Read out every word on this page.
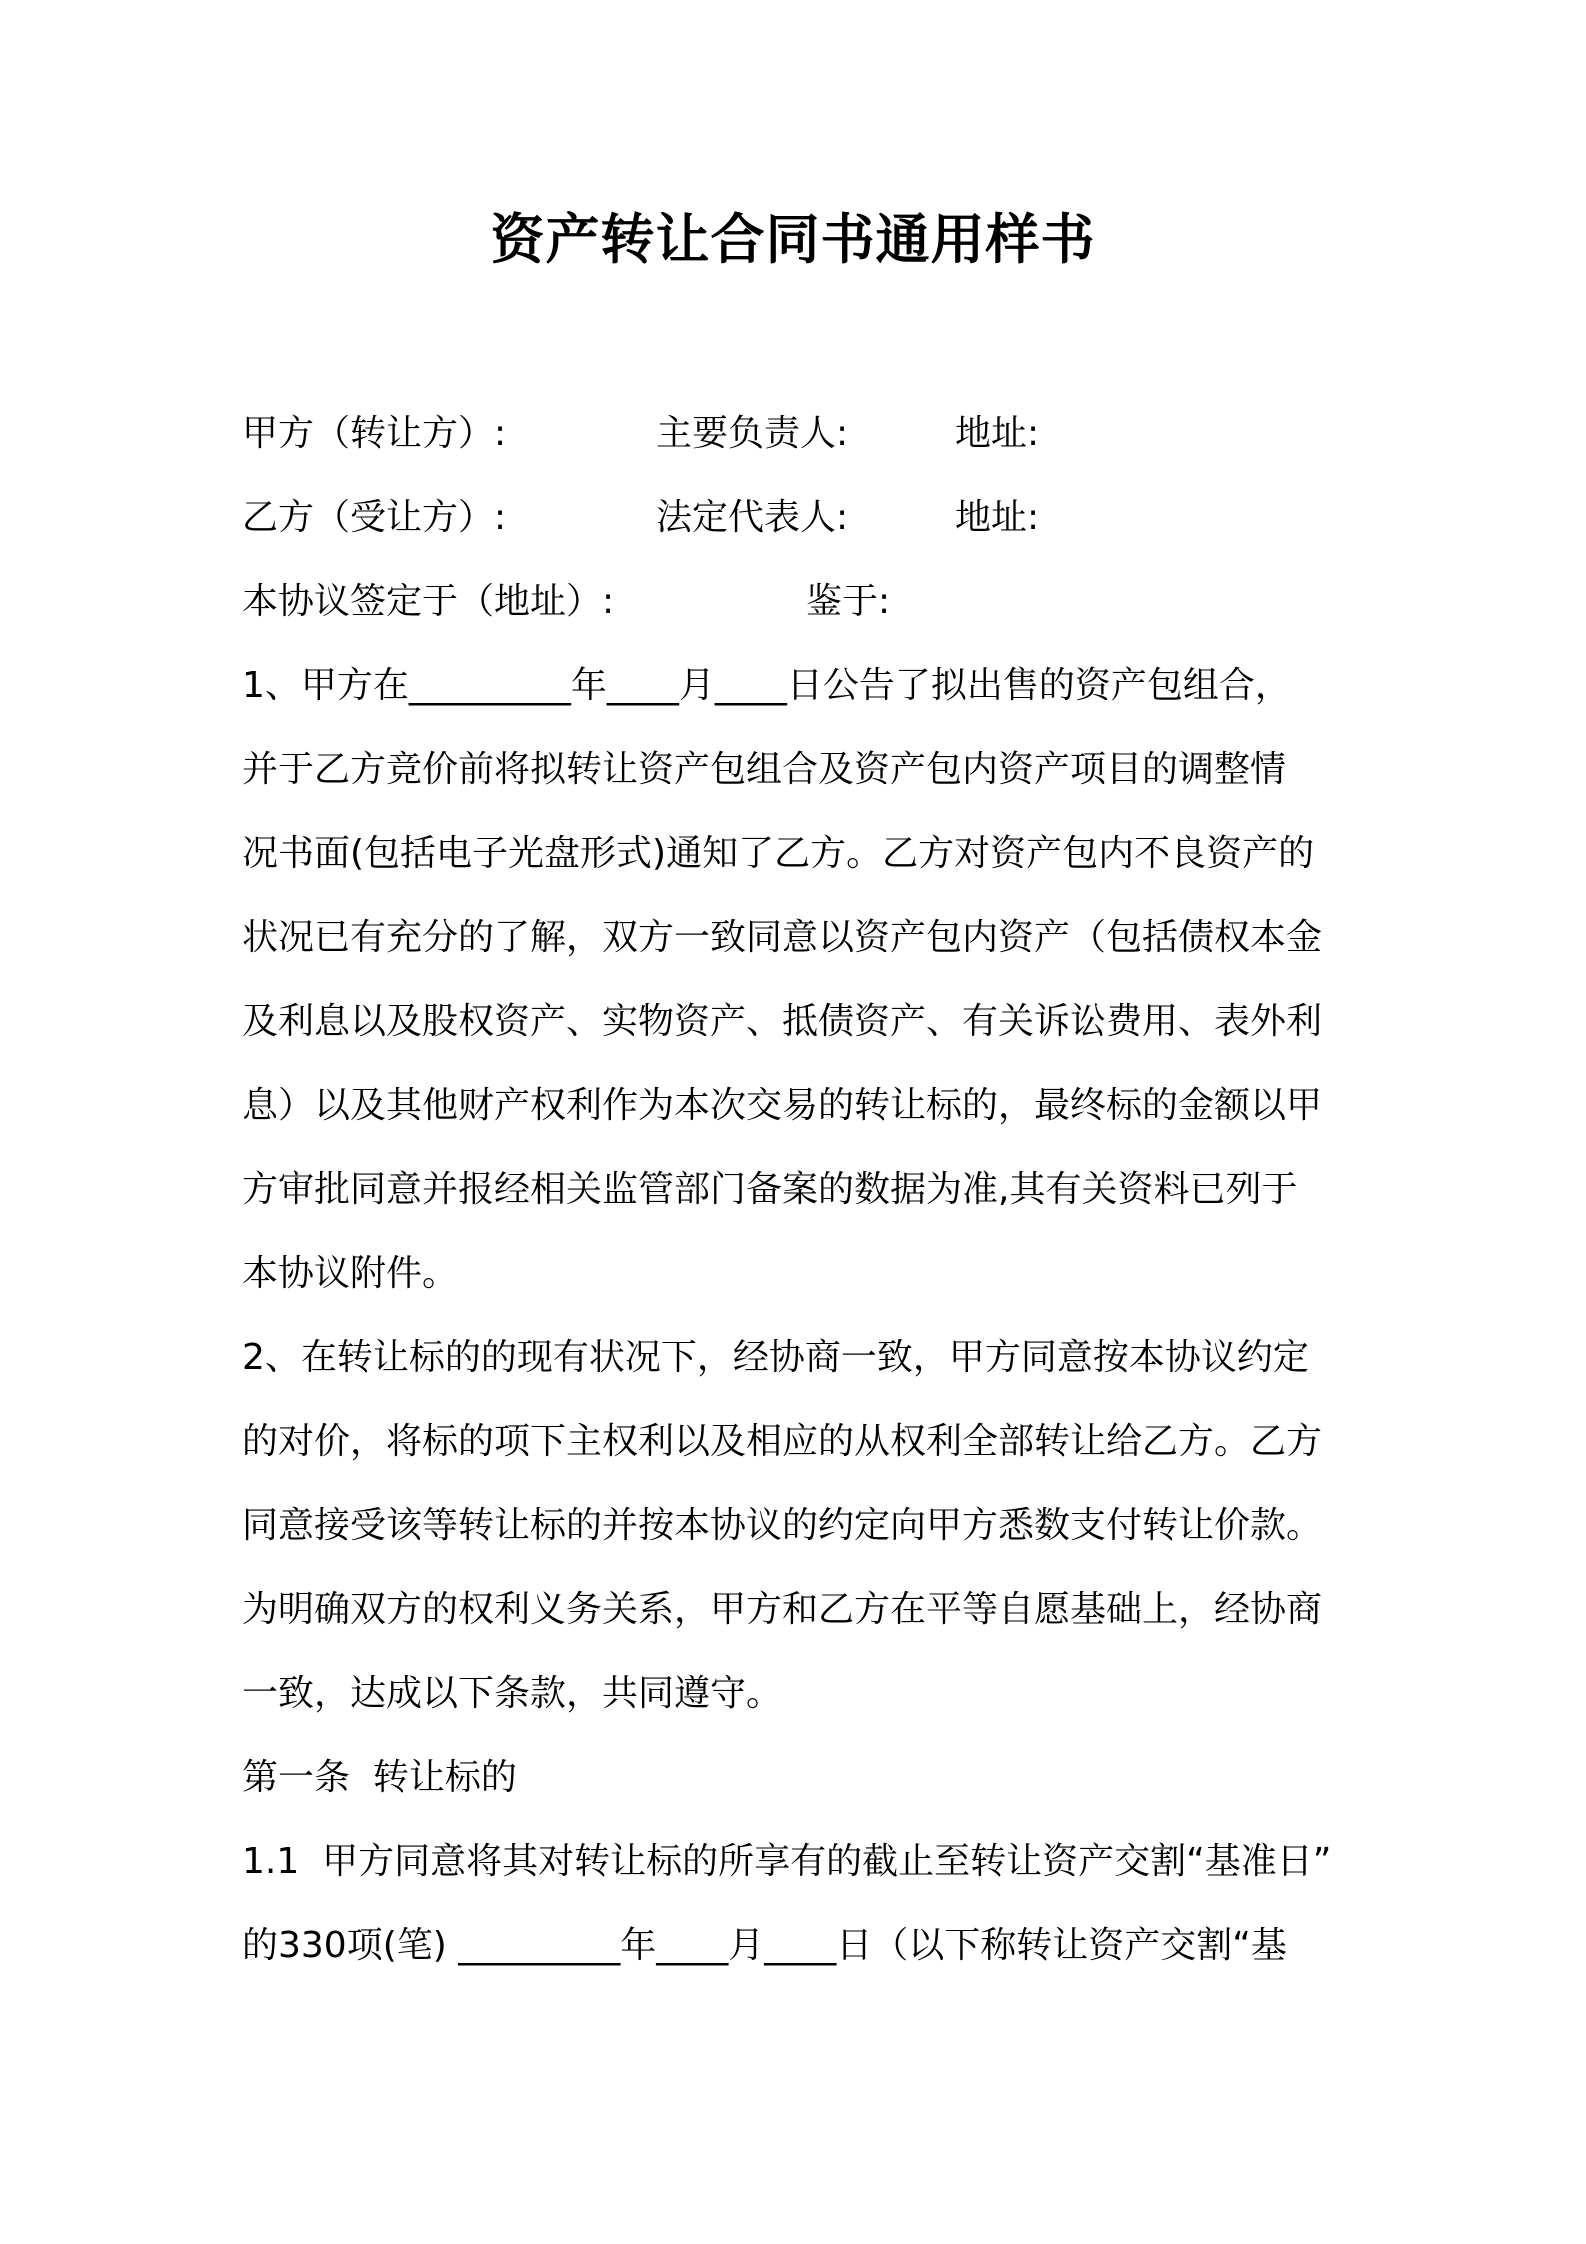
资产转让合同书通用样书
甲方（转让方）:	主要负责人:	地址:
乙方（受让方）:	法定代表人:	地址:
本协议签定于（地址）:	鉴于:
1、甲方在_________年____月____日公告了拟出售的资产包组合，
并于乙方竞价前将拟转让资产包组合及资产包内资产项目的调整情
况书面(包括电子光盘形式)通知了乙方。乙方对资产包内不良资产的
状况已有充分的了解，双方一致同意以资产包内资产（包括债权本金
及利息以及股权资产、实物资产、抵债资产、有关诉讼费用、表外利
息）以及其他财产权利作为本次交易的转让标的，最终标的金额以甲
方审批同意并报经相关监管部门备案的数据为准,其有关资料已列于
本协议附件。
2、在转让标的的现有状况下，经协商一致，甲方同意按本协议约定
的对价，将标的项下主权利以及相应的从权利全部转让给乙方。乙方
同意接受该等转让标的并按本协议的约定向甲方悉数支付转让价款。
为明确双方的权利义务关系，甲方和乙方在平等自愿基础上，经协商
一致，达成以下条款，共同遵守。
第一条  转让标的
1.1  甲方同意将其对转让标的所享有的截止至转让资产交割“基准日”
的330项(笔) _________年____月____日（以下称转让资产交割“基
